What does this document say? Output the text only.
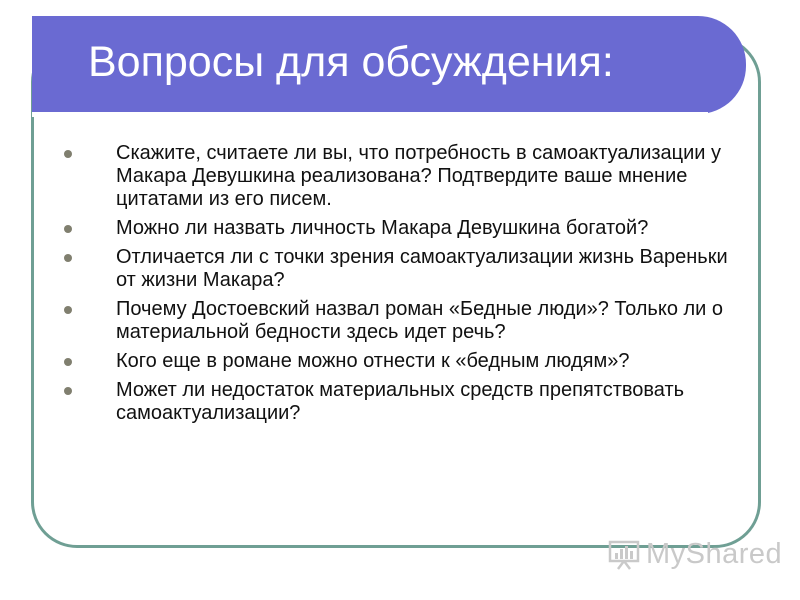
Вопросы для обсуждения:
Скажите, считаете ли вы, что потребность в самоактуализации у Макара Девушкина реализована? Подтвердите ваше мнение цитатами из его писем.
Можно ли назвать личность Макара Девушкина богатой?
Отличается ли с точки зрения самоактуализации жизнь Вареньки от жизни Макара?
Почему Достоевский назвал роман «Бедные люди»? Только ли о материальной бедности здесь идет речь?
Кого еще в романе можно отнести к «бедным людям»?
Может ли недостаток материальных средств препятствовать самоактуализации?
MyShared
